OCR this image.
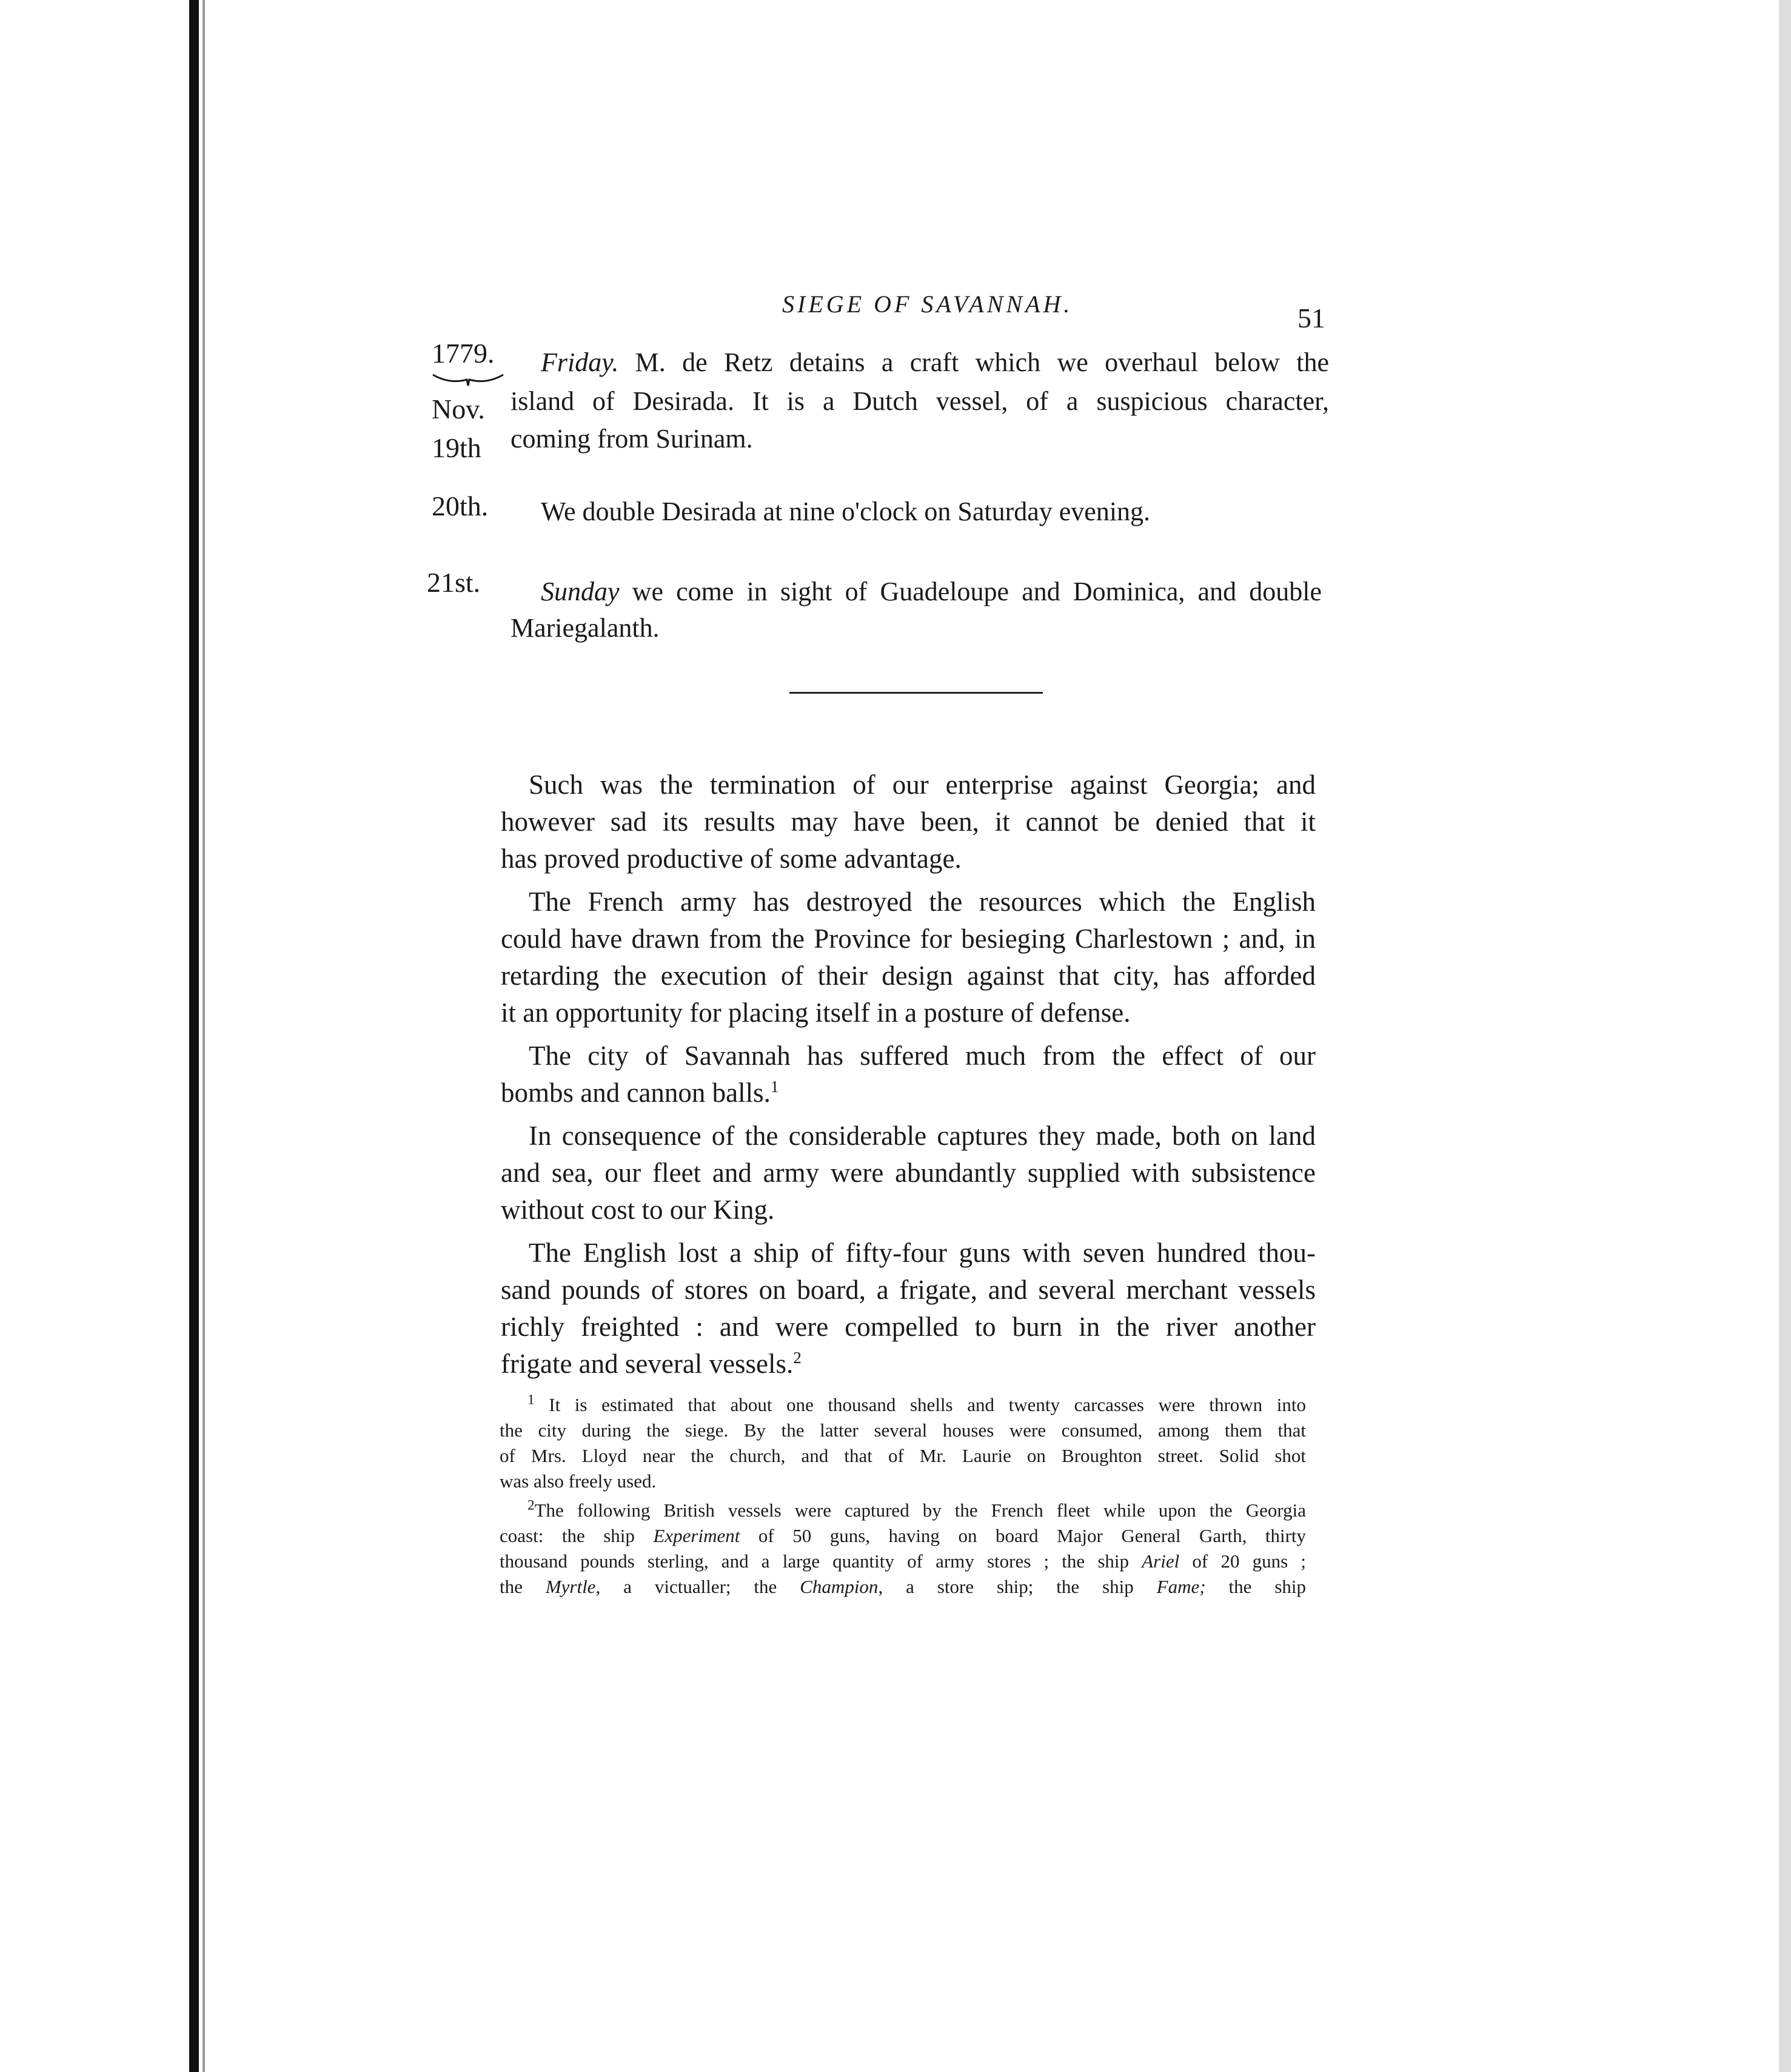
SIEGE OF SAVANNAH.	51
1779.
Nov.
19th
20th.
21st.
Friday. M. de Retz detains a craft which we overhaul below the
island of Desirada. It is a Dutch vessel, of a suspicious character,
coming from Surinam.
We double Desirada at nine o'clock on Saturday evening.
Sunday we come in sight of Guadeloupe and Dominica, and double
Mariegalanth.
Such was the termination of our enterprise against Georgia; and
however sad its results may have been, it cannot be denied that it
has proved productive of some advantage.
The French army has destroyed the resources which the English
could have drawn from the Province for besieging Charlestown ; and, in
retarding the execution of their design against that city, has afforded
it an opportunity for placing itself in a posture of defense.
The city of Savannah has suffered much from the effect of our
bombs and cannon balls.$^1$
In consequence of the considerable captures they made, both on land
and sea, our fleet and army were abundantly supplied with subsistence
without cost to our King.
The English lost a ship of fifty-four guns with seven hundred thou-
sand pounds of stores on board, a frigate, and several merchant vessels
richly freighted : and were compelled to burn in the river another
frigate and several vessels.$^2$
$^1$ It is estimated that about one thousand shells and twenty carcasses were thrown into
the city during the siege. By the latter several houses were consumed, among them that
of Mrs. Lloyd near the church, and that of Mr. Laurie on Broughton street. Solid shot
was also freely used.
$^2$The following British vessels were captured by the French fleet while upon the Georgia
coast: the ship Experiment of 50 guns, having on board Major General Garth, thirty
thousand pounds sterling, and a large quantity of army stores ; the ship Ariel of 20 guns ;
the Myrtle, a victualler; the Champion, a store ship; the ship Fame; the ship
